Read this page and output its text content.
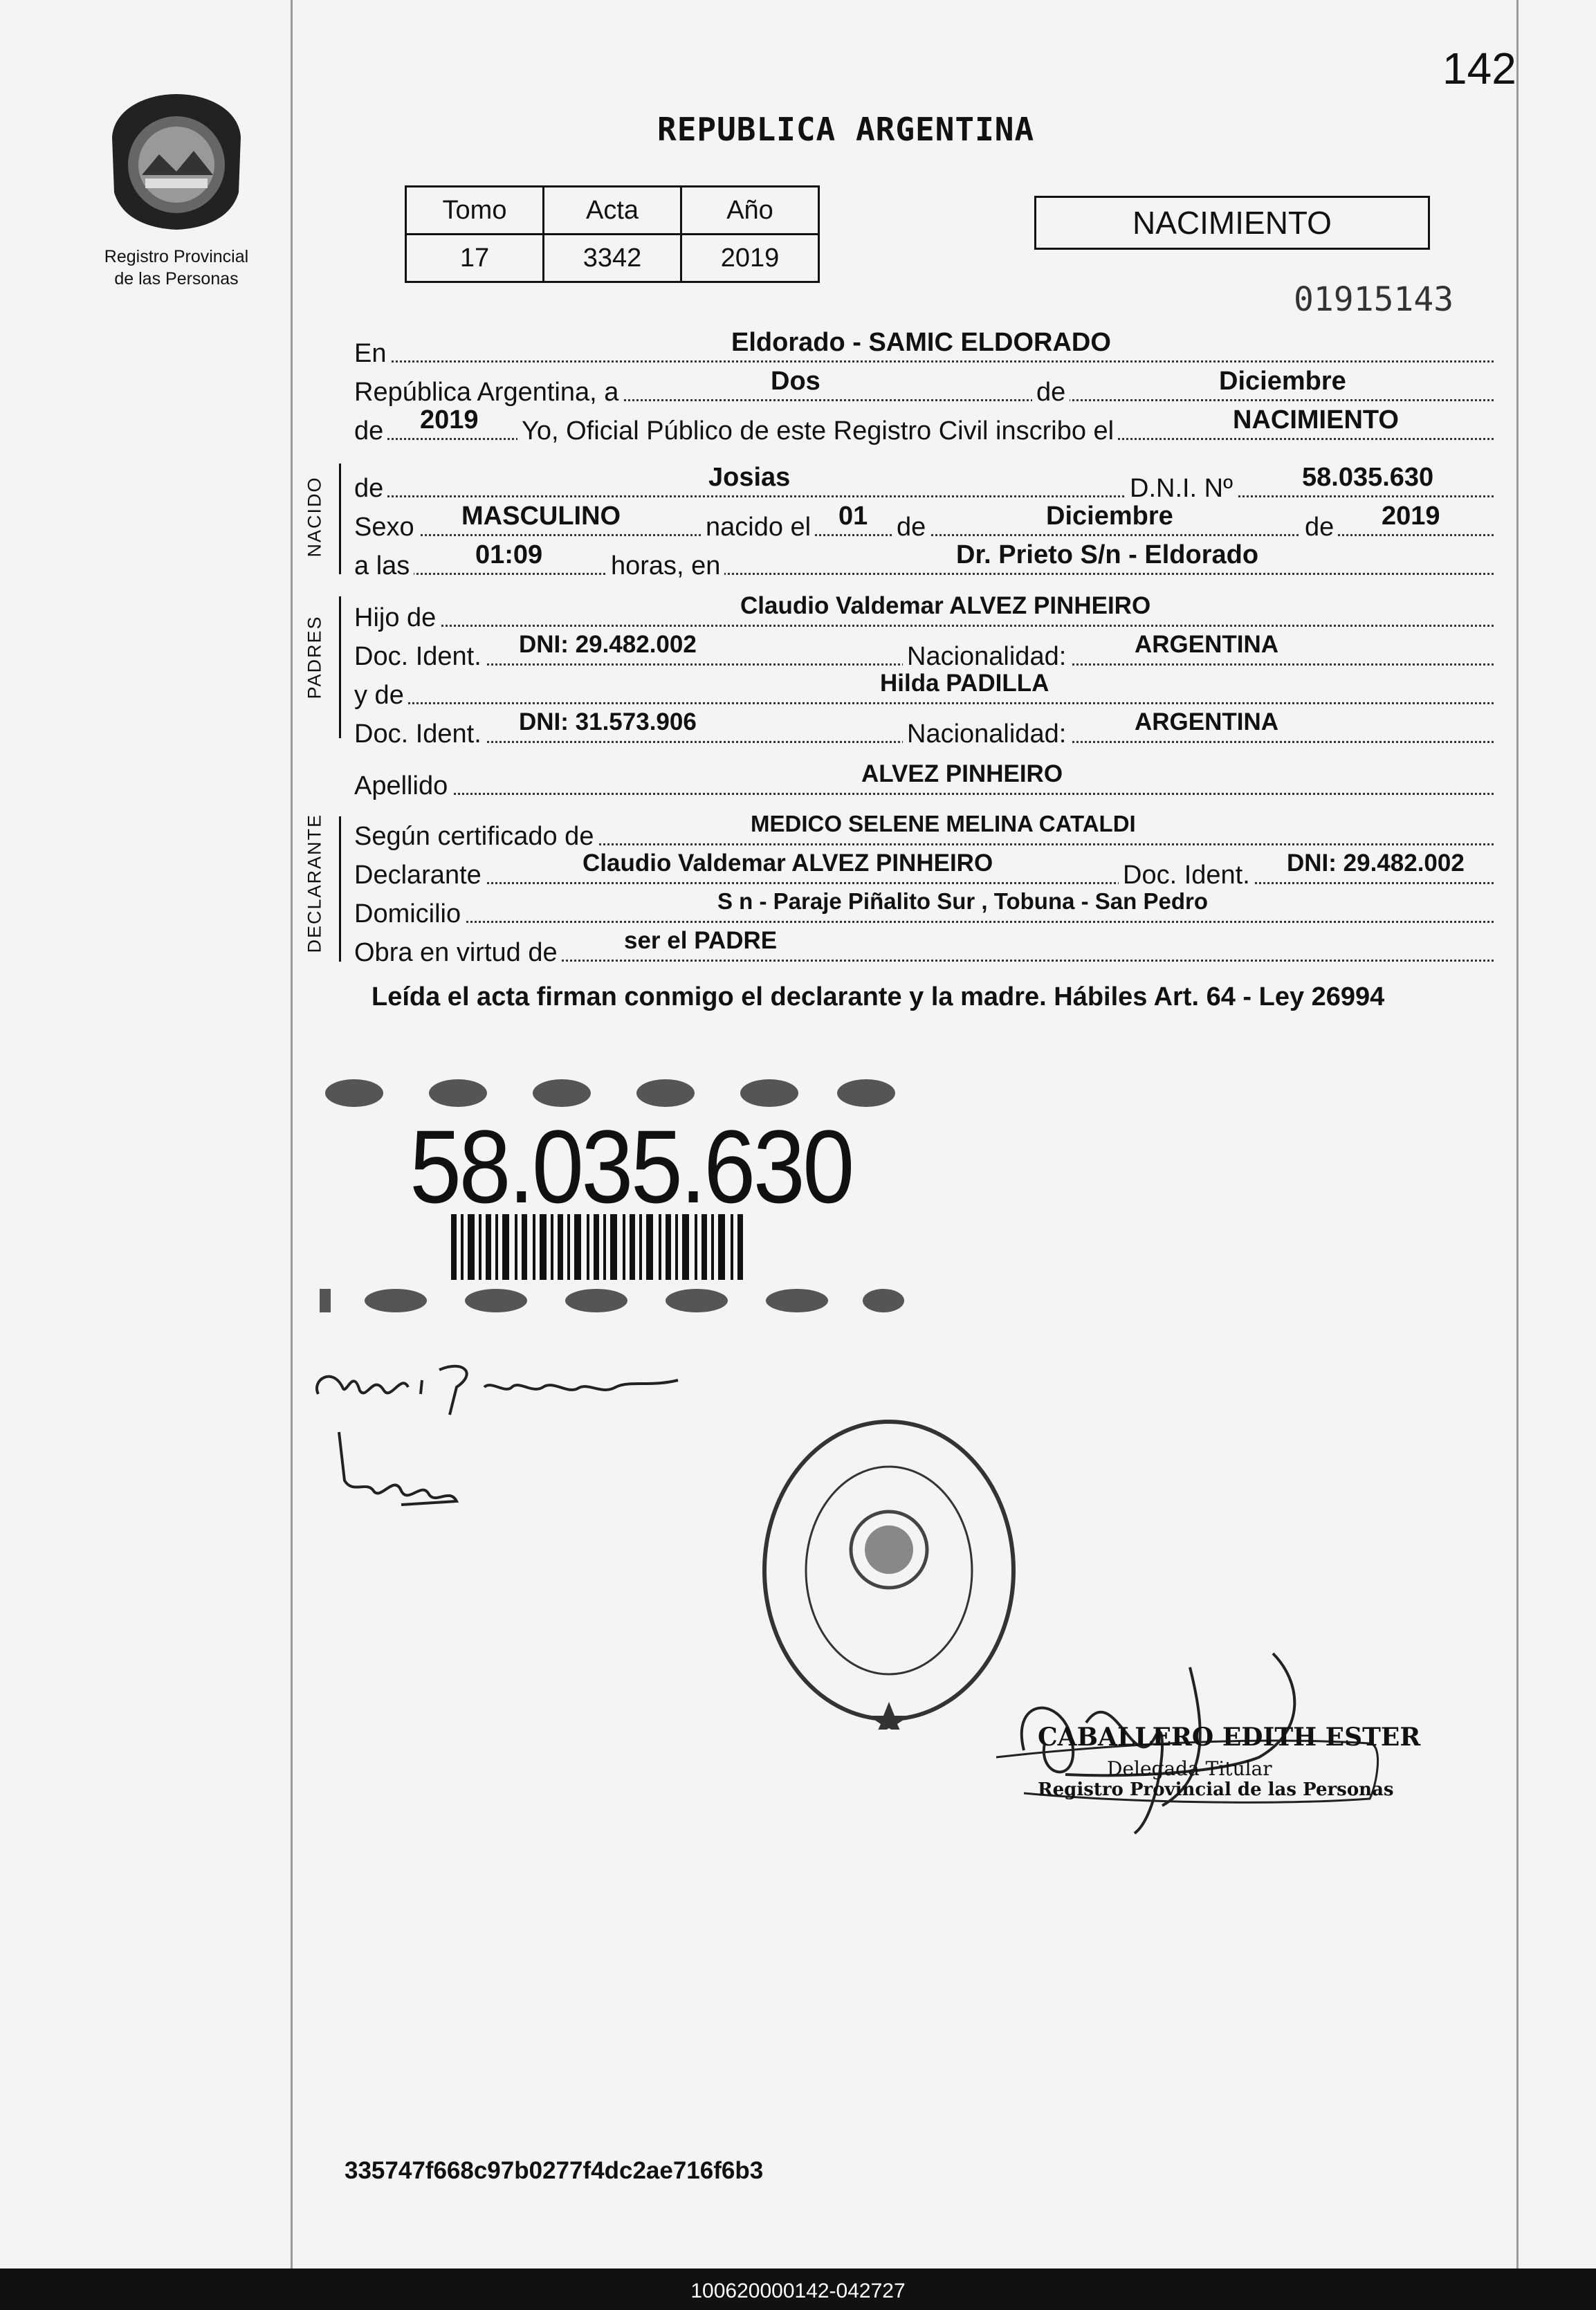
142
Registro Provincial
de las Personas
REPUBLICA ARGENTINA
Tomo	Acta	Año
17	3342	2019
NACIMIENTO
01915143
En	Eldorado - SAMIC ELDORADO
República Argentina, a	Dos	de	Diciembre
de 2019 Yo, Oficial Público de este Registro Civil inscribo el	NACIMIENTO
NACIDO de	Josias	D.N.I. Nº	58.035.630
Sexo MASCULINO	nacido el 01 de	Diciembre	de 2019
a las 01:09	horas, en	Dr. Prieto S/n - Eldorado
PADRES Hijo de	Claudio Valdemar ALVEZ PINHEIRO
Doc. Ident. DNI: 29.482.002	Nacionalidad:	ARGENTINA
y de	Hilda PADILLA
Doc. Ident. DNI: 31.573.906	Nacionalidad:	ARGENTINA
Apellido	ALVEZ PINHEIRO
DECLARANTE Según certificado de	MEDICO SELENE MELINA CATALDI
Declarante	Claudio Valdemar ALVEZ PINHEIRO	Doc. Ident. DNI: 29.482.002
Domicilio	S n - Paraje Piñalito Sur , Tobuna - San Pedro
Obra en virtud de	ser el PADRE
Leída el acta firman conmigo el declarante y la madre. Hábiles Art. 64 - Ley 26994
58.035.630
CABALLERO EDITH ESTER
Delegada Titular
Registro Provincial de las Personas
335747f668c97b0277f4dc2ae716f6b3
100620000142-042727
